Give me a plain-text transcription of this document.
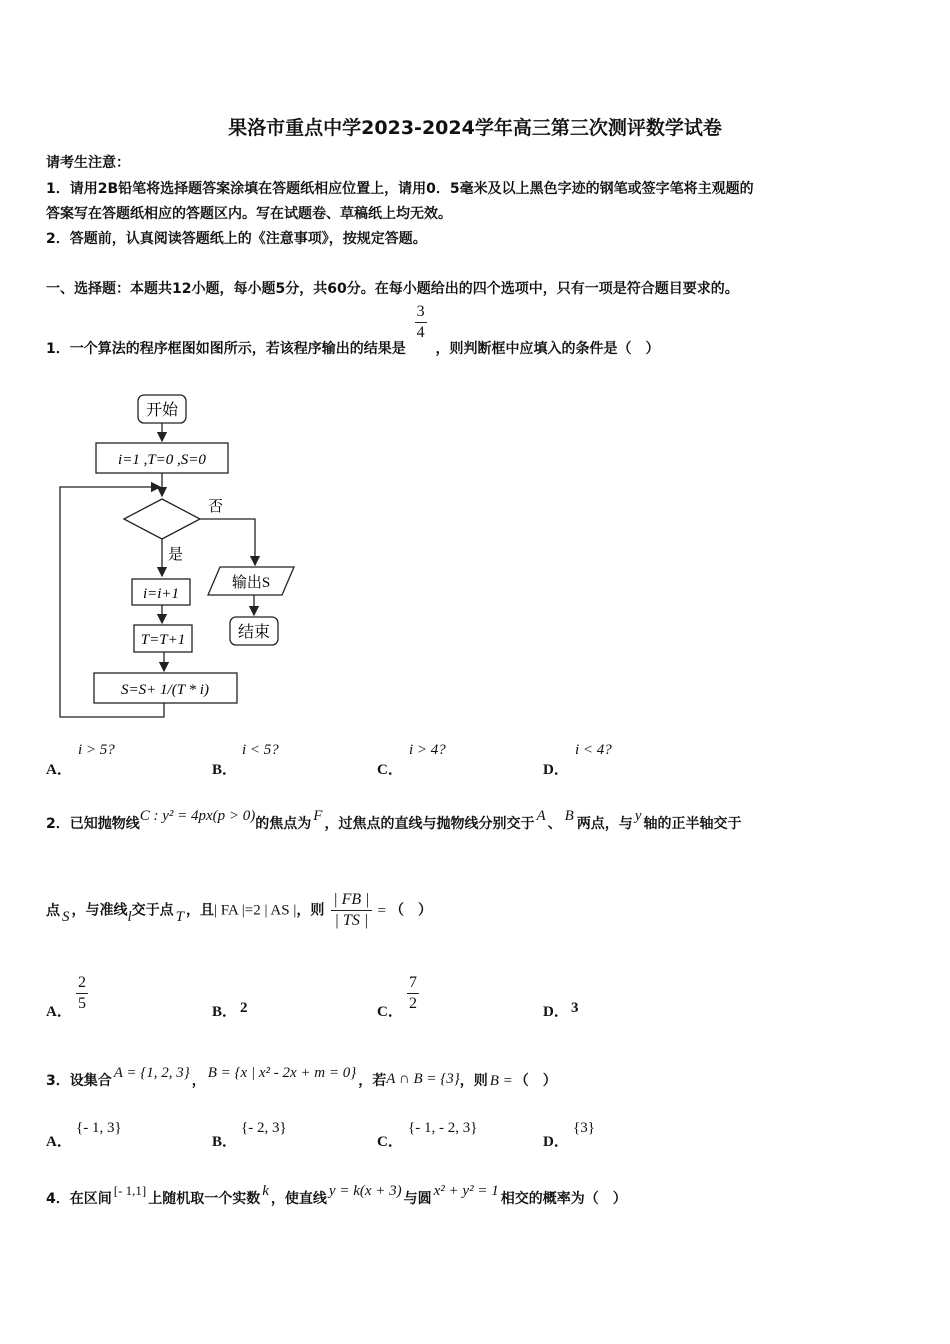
果洛市重点中学2023-2024学年高三第三次测评数学试卷
请考生注意：
1．请用2B铅笔将选择题答案涂填在答题纸相应位置上，请用0．5毫米及以上黑色字迹的钢笔或签字笔将主观题的
答案写在答题纸相应的答题区内。写在试题卷、草稿纸上均无效。
2．答题前，认真阅读答题纸上的《注意事项》，按规定答题。
一、选择题：本题共12小题，每小题5分，共60分。在每小题给出的四个选项中，只有一项是符合题目要求的。
1．一个算法的程序框图如图所示，若该程序输出的结果是
$\frac{3}{4}$
，则判断框中应填入的条件是（　）
开始
i=1 ,T=0 ,S=0
否
输出S
结束
是
i=i+1
T=T+1
S=S+ 1/(T * i)
A．
i > 5?
B．
i < 5?
C．
i > 4?
D．
i < 4?
2．已知抛物线C : y² = 4px(p > 0)的焦点为 F ，过焦点的直线与抛物线分别交于 A 、 B 两点，与 y 轴的正半轴交于
点 S ，与准线l交于点 T ，且| FA |=2 | AS |，则 $\frac{| FB |}{| TS |}$ = （　）
A． $\frac{2}{5}$	B． 2	C． $\frac{7}{2}$	D． 3
3．设集合 A = {1, 2, 3} ， B = {x | x² - 2x + m = 0} ，若A ∩ B = {3}，则 B = （　）
A．
{- 1, 3}
B．
{- 2, 3}
C．
{- 1, - 2, 3}
D．
{3}
4．在区间[- 1,1]上随机取一个实数 k ，使直线 y = k(x + 3) 与圆 x² + y² = 1 相交的概率为（　）
